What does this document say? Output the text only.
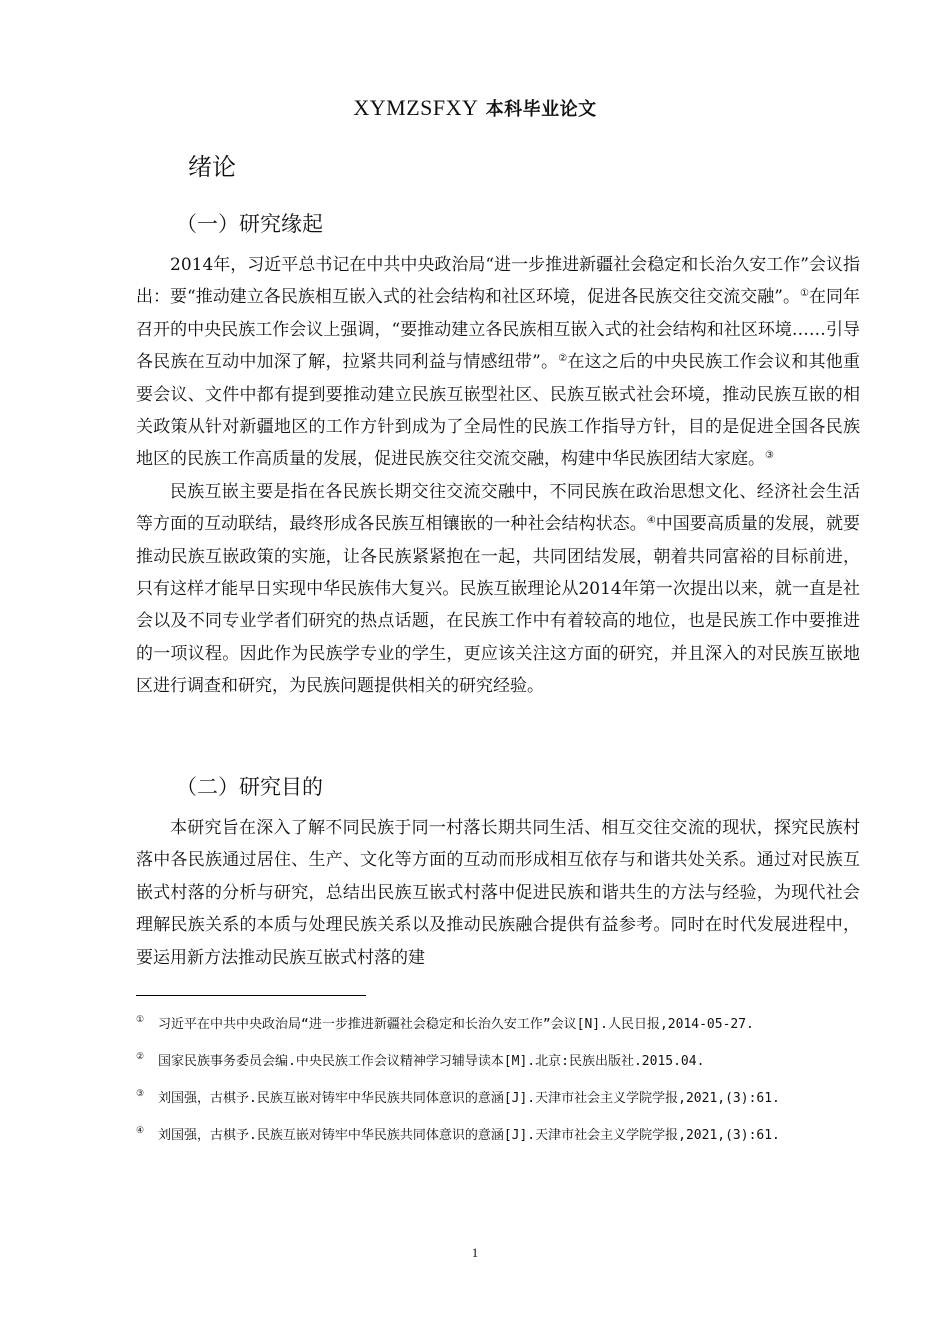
XYMZSFXY 本科毕业论文
绪论
（一）研究缘起

2014年，习近平总书记在中共中央政治局“进一步推进新疆社会稳定和长治久安工作”会议指出：要“推动建立各民族相互嵌入式的社会结构和社区环境，促进各民族交往交流交融”。①在同年召开的中央民族工作会议上强调，“要推动建立各民族相互嵌入式的社会结构和社区环境……引导各民族在互动中加深了解，拉紧共同利益与情感纽带”。②在这之后的中央民族工作会议和其他重要会议、文件中都有提到要推动建立民族互嵌型社区、民族互嵌式社会环境，推动民族互嵌的相关政策从针对新疆地区的工作方针到成为了全局性的民族工作指导方针，目的是促进全国各民族地区的民族工作高质量的发展，促进民族交往交流交融，构建中华民族团结大家庭。③

民族互嵌主要是指在各民族长期交往交流交融中，不同民族在政治思想文化、经济社会生活等方面的互动联结，最终形成各民族互相镶嵌的一种社会结构状态。④中国要高质量的发展，就要推动民族互嵌政策的实施，让各民族紧紧抱在一起，共同团结发展，朝着共同富裕的目标前进，只有这样才能早日实现中华民族伟大复兴。民族互嵌理论从2014年第一次提出以来，就一直是社会以及不同专业学者们研究的热点话题，在民族工作中有着较高的地位，也是民族工作中要推进的一项议程。因此作为民族学专业的学生，更应该关注这方面的研究，并且深入的对民族互嵌地区进行调查和研究，为民族问题提供相关的研究经验。

（二）研究目的

本研究旨在深入了解不同民族于同一村落长期共同生活、相互交往交流的现状，探究民族村落中各民族通过居住、生产、文化等方面的互动而形成相互依存与和谐共处关系。通过对民族互嵌式村落的分析与研究，总结出民族互嵌式村落中促进民族和谐共生的方法与经验，为现代社会理解民族关系的本质与处理民族关系以及推动民族融合提供有益参考。同时在时代发展进程中，要运用新方法推动民族互嵌式村落的建

① 习近平在中共中央政治局“进一步推进新疆社会稳定和长治久安工作”会议[N].人民日报,2014-05-27.
② 国家民族事务委员会编.中央民族工作会议精神学习辅导读本[M].北京:民族出版社.2015.04.
③ 刘国强，古棋予.民族互嵌对铸牢中华民族共同体意识的意涵[J].天津市社会主义学院学报,2021,(3):61.
④ 刘国强，古棋予.民族互嵌对铸牢中华民族共同体意识的意涵[J].天津市社会主义学院学报,2021,(3):61.
1
